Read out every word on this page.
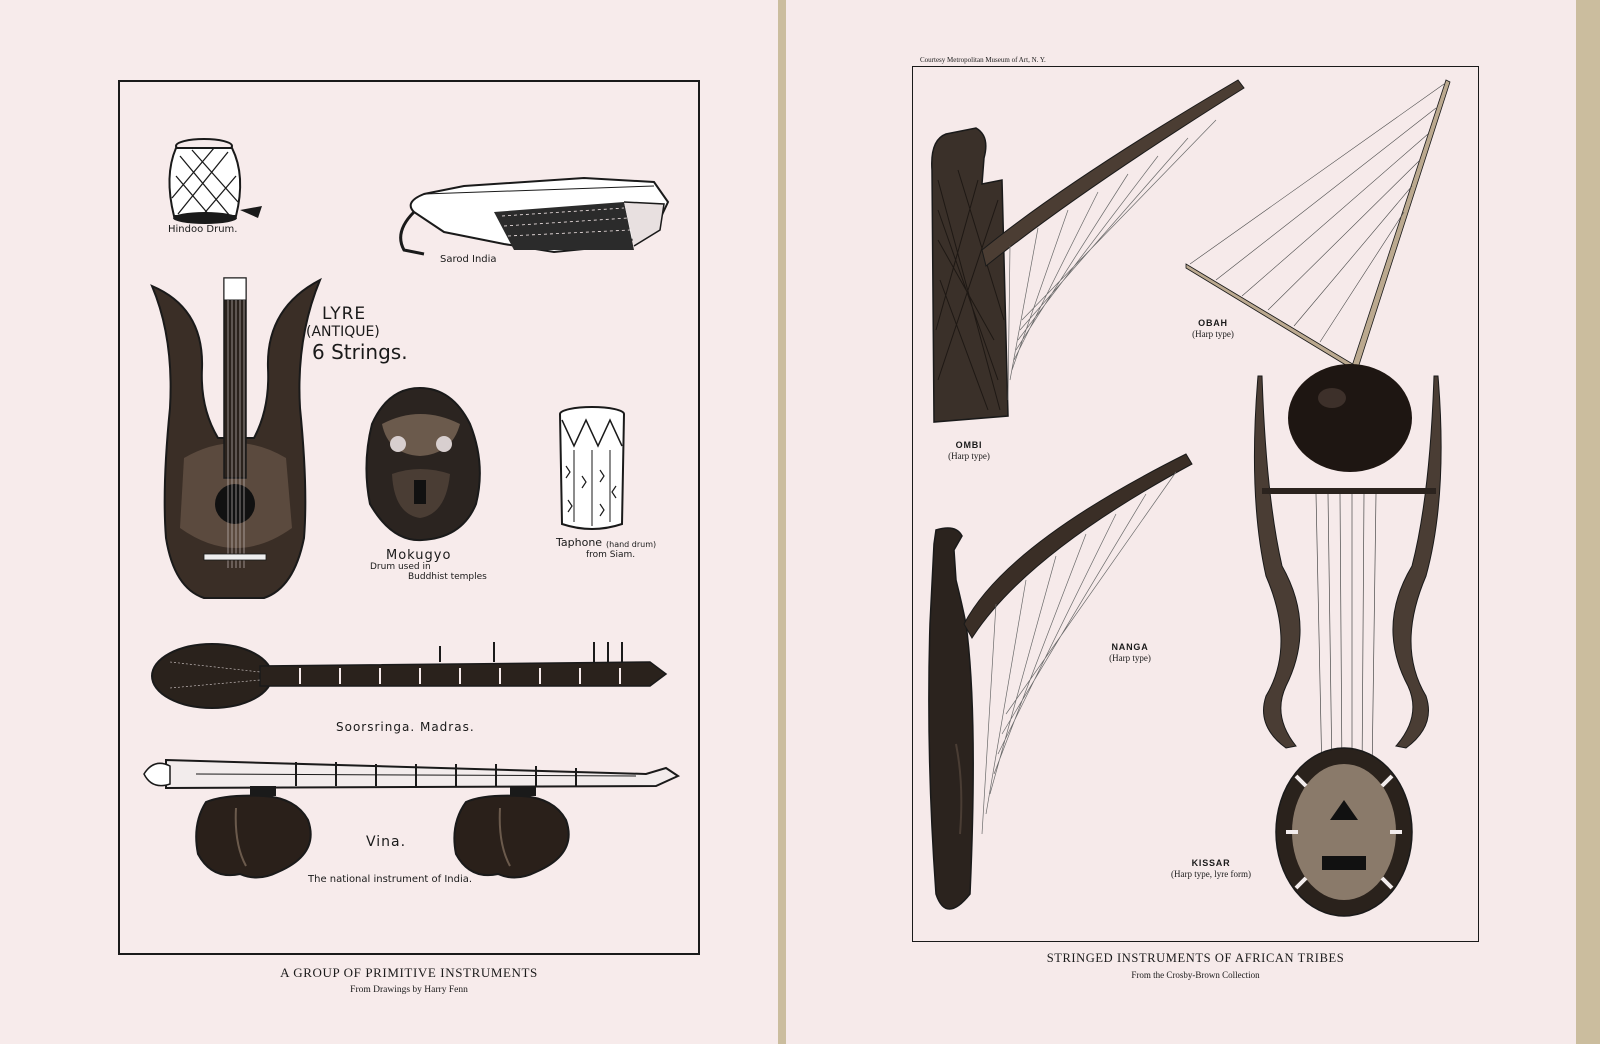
Hindoo Drum.
Sarod India
LYRE
(ANTIQUE)
6 Strings.
Mokugyo
Drum used in
Buddhist temples
Taphone (hand drum)
from Siam.
Soorsringa. Madras.
Vina.
The national instrument of India.
A GROUP OF PRIMITIVE INSTRUMENTS
From Drawings by Harry Fenn
Courtesy Metropolitan Museum of Art, N. Y.
OMBI
(Harp type)
OBAH
(Harp type)
NANGA
(Harp type)
KISSAR
(Harp type, lyre form)
STRINGED INSTRUMENTS OF AFRICAN TRIBES
From the Crosby-Brown Collection
